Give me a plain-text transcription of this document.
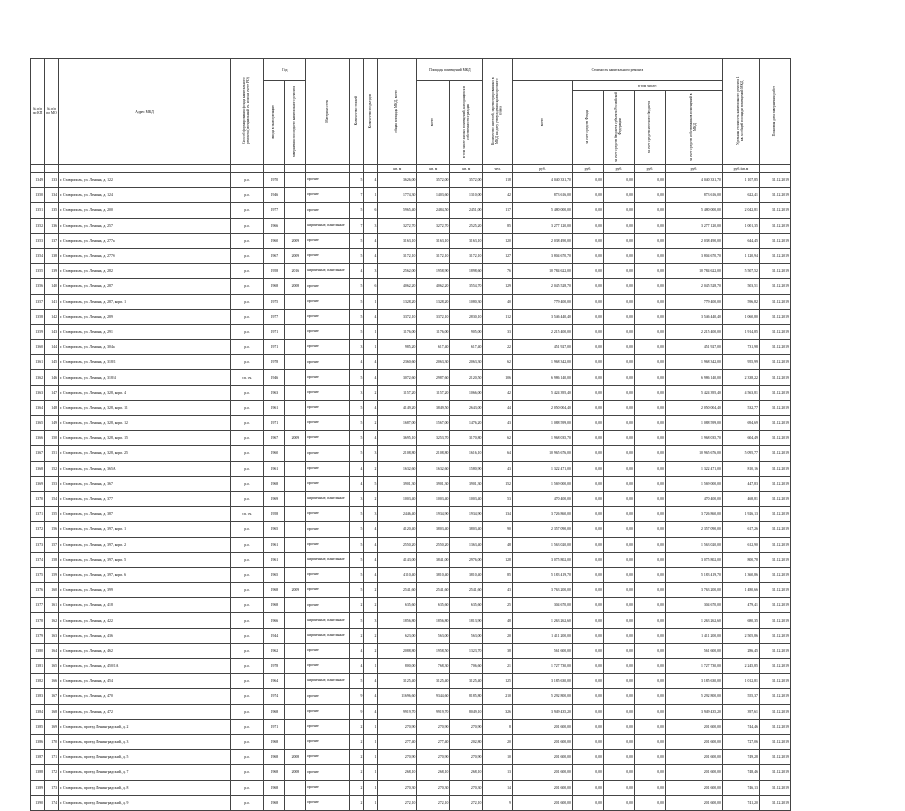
№ п/п по КП	№ п/п по МО	Адрес МКД	Способ формирования фонда капитального ремонта (специальный сч. или на счете РО)	Год		Материал стен	Количество этажей	Количество подъездов	общая площадь МКД, всего	Площадь помещений МКД		Количество жителей, зарегистрированных в МКД на дату утверждения краткосрочного плана	Стоимость капитального ремонта					Удельная стоимость капитального ремонта 1 кв. м общей площади помещений МКД	Плановая дата завершения работ
				ввода в эксплуатацию	завершения последнего капитального ремонта					всего	в том числе жилых помещений, находящихся в собственности граждан		всего	в том числе:					
														за счет средств Фонда	за счет средств бюджета субъекта Российской Федерации	за счет средств местного бюджета	за счет средств собственников помещений в МКД		
									кв. м	кв. м	кв. м	чел.	руб.	руб.	руб.	руб.	руб.	руб./кв.м	
1349	133	г. Ставрополь, ул. Ленина, д. 122	р.о.	1970		прочие	5	4	3626,00	3572,00	3572,00	118	4 040 331,70	0,00	0,00	0,00	4 040 331,70	1 107,85	31.12.2019
1350	134	г. Ставрополь, ул. Ленина, д. 124	р.о.	1946		прочие	7	1	1774,30	1403,60	1310,00	42	873 616,00	0,00	0,00	0,00	873 616,00	622,41	31.12.2019
1351	135	г. Ставрополь, ул. Ленина, д. 200	р.о.	1977		прочие	5	6	5965,40	2484,50	2451,00	117	5 480 000,00	0,00	0,00	0,00	5 480 000,00	2 042,81	31.12.2019
1352	136	г. Ставрополь, ул. Ленина, д. 257	р.о.	1966		кирпичные, панельные	7	3	3272,70	3272,70	2525,20	85	3 277 120,00	0,00	0,00	0,00	3 277 120,00	1 001,35	31.12.2019
1353	137	г. Ставрополь, ул. Ленина, д. 277а	р.о.	1960	2009	прочие	5	4	3163,10	3163,10	3163,10	120	2 038 490,00	0,00	0,00	0,00	2 038 490,00	644,45	31.12.2019
1354	138	г. Ставрополь, ул. Ленина, д. 277б	р.о.	1967	2009	прочие	5	4	3172,10	3172,10	3172,10	127	3 804 670,70	0,00	0,00	0,00	3 804 670,70	1 120,94	31.12.2019
1355	139	г. Ставрополь, ул. Ленина, д. 282	р.о.	1958	2016	кирпичные, панельные	4	3	2562,00	1958,90	1898,60	76	10 784 622,00	0,00	0,00	0,00	10 784 622,00	5 507,52	31.12.2019
1356	140	г. Ставрополь, ул. Ленина, д. 287	р.о.	1968	2008	прочие	5	6	4062,20	4062,20	3554,70	129	2 045 528,70	0,00	0,00	0,00	2 045 528,70	503,51	31.12.2019
1357	141	г. Ставрополь, ул. Ленина, д. 287, корп. 1	р.о.	1975		прочие	5	1	1328,20	1328,20	1080,30	40	779 400,00	0,00	0,00	0,00	779 400,00	596,82	31.12.2019
1358	142	г. Ставрополь, ул. Ленина, д. 289	р.о.	1977		прочие	5	4	3372,10	3372,10	2830,10	112	3 546 440,40	0,00	0,00	0,00	3 546 440,40	1 060,80	31.12.2019
1359	143	г. Ставрополь, ул. Ленина, д. 291	р.о.	1971		прочие	5	1	1176,00	1176,00	905,00	33	2 215 400,00	0,00	0,00	0,00	2 215 400,00	1 914,85	31.12.2019
1360	144	г. Ставрополь, ул. Ленина, д. 304а	р.о.	1971		прочие	3	1	985,20	617,40	617,40	22	451 927,00	0,00	0,00	0,00	451 927,00	731,98	31.12.2019
1361	145	г. Ставрополь, ул. Ленина, д. 318/1	р.о.	1978		прочие	4	4	2360,60	2063,30	2063,30	62	1 968 342,00	0,00	0,00	0,00	1 968 342,00	955,99	31.12.2019
1362	146	г. Ставрополь, ул. Ленина, д. 318/4	сп. сч.	1946		прочие	5	4	3072,60	2987,60	2120,50	106	6 986 140,00	0,00	0,00	0,00	6 986 140,00	2 338,22	31.12.2019
1363	147	г. Ставрополь, ул. Ленина, д. 328, корп. 4	р.о.	1963		прочие	3	2	1157,20	1157,20	1066,00	42	5 424 395,40	0,00	0,00	0,00	5 424 395,40	4 563,81	31.12.2019
1364	148	г. Ставрополь, ул. Ленина, д. 328, корп. 11	р.о.	1961		прочие	5	4	4149,20	3849,50	2643,00	44	2 050 004,40	0,00	0,00	0,00	2 050 004,40	532,77	31.12.2019
1365	149	г. Ставрополь, ул. Ленина, д. 328, корп. 12	р.о.	1971		прочие	5	2	1687,00	1567,00	1476,20	43	1 088 599,00	0,00	0,00	0,00	1 088 599,00	694,69	31.12.2019
1366	150	г. Ставрополь, ул. Ленина, д. 328, корп. 15	р.о.	1967	2009	прочие	5	4	3695,10	3253,70	3170,80	62	1 968 035,70	0,00	0,00	0,00	1 968 035,70	604,49	31.12.2019
1367	151	г. Ставрополь, ул. Ленина, д. 328, корп. 25	р.о.	1960		прочие	5	3	2108,80	2108,80	1616,10	64	10 965 676,00	0,00	0,00	0,00	10 965 676,00	5 095,77	31.12.2019
1368	152	г. Ставрополь, ул. Ленина, д. 365А	р.о.	1961		прочие	4	2	1632,60	1632,60	1580,90	43	1 322 471,00	0,00	0,00	0,00	1 322 471,00	810,16	31.12.2019
1369	153	г. Ставрополь, ул. Ленина, д. 367	р.о.	1968		прочие	4	5	3901,30	3901,30	3901,30	152	1 569 000,00	0,00	0,00	0,00	1 569 000,00	447,83	31.12.2019
1370	154	г. Ставрополь, ул. Ленина, д. 377	р.о.	1969		кирпичные, панельные	3	2	1003,40	1003,40	1003,40	53	470 400,00	0,00	0,00	0,00	470 400,00	468,81	31.12.2019
1371	155	г. Ставрополь, ул. Ленина, д. 387	сп. сч.	1958		прочие	5	3	2446,40	1934,90	1934,90	134	3 726 860,00	0,00	0,00	0,00	3 726 860,00	1 926,13	31.12.2019
1372	156	г. Ставрополь, ул. Ленина, д. 397, корп. 1	р.о.	1965		прочие	5	4	4120,40	3803,40	3803,40	90	2 357 090,00	0,00	0,00	0,00	2 357 090,00	617,26	31.12.2019
1373	157	г. Ставрополь, ул. Ленина, д. 397, корп. 2	р.о.	1961		прочие	5	4	2550,20	2550,20	1363,40	48	1 563 020,00	0,00	0,00	0,00	1 563 020,00	612,90	31.12.2019
1374	158	г. Ставрополь, ул. Ленина, д. 397, корп. 5	р.о.	1961		кирпичные, панельные	5	4	4143,00	3841,00	2976,00	128	3 075 802,00	0,00	0,00	0,00	3 075 802,00	800,78	31.12.2019
1375	159	г. Ставрополь, ул. Ленина, д. 397, корп. 6	р.о.	1965		прочие	5	4	4110,40	3810,40	3810,40	85	5 183 419,70	0,00	0,00	0,00	5 183 419,70	1 360,86	31.12.2019
1376	160	г. Ставрополь, ул. Ленина, д. 399	р.о.	1968	2009	прочие	5	2	2541,60	2541,60	2541,60	43	3 763 200,00	0,00	0,00	0,00	3 763 200,00	1 480,66	31.12.2019
1377	161	г. Ставрополь, ул. Ленина, д. 418	р.о.	1968		прочие	2	2	635,60	635,60	635,60	25	304 670,00	0,00	0,00	0,00	304 670,00	479,41	31.12.2019
1378	162	г. Ставрополь, ул. Ленина, д. 422	р.о.	1966		кирпичные, панельные	5	3	1856,80	1856,80	1813,90	48	1 263 262,60	0,00	0,00	0,00	1 263 262,60	680,35	31.12.2019
1379	163	г. Ставрополь, ул. Ленина, д. 436	р.о.	1944		кирпичные, панельные	2	2	623,00	563,00	563,00	20	1 411 200,00	0,00	0,00	0,00	1 411 200,00	2 505,86	31.12.2019
1380	164	г. Ставрополь, ул. Ленина, д. 462	р.о.	1962		прочие	4	2	2088,80	1958,50	1323,70	38	561 600,00	0,00	0,00	0,00	561 600,00	286,45	31.12.2019
1381	165	г. Ставрополь, ул. Ленина, д. 450/1А	р.о.	1978		прочие	4	1	800,00	768,30	706,60	21	1 727 730,00	0,00	0,00	0,00	1 727 730,00	2 245,85	31.12.2019
1382	166	г. Ставрополь, ул. Ленина, д. 454	р.о.	1964		кирпичные, панельные	5	4	3125,40	3125,40	3125,40	125	3 185 630,00	0,00	0,00	0,00	3 185 630,00	1 012,81	31.12.2019
1383	167	г. Ставрополь, ул. Ленина, д. 470	р.о.	1974		прочие	9	4	11696,60	9344,60	8185,80	210	5 292 800,00	0,00	0,00	0,00	5 292 800,00	555,37	31.12.2019
1384	168	г. Ставрополь, ул. Ленина, д. 472	р.о.	1968		прочие	9	4	9919,70	9919,70	8049,10	326	3 949 435,20	0,00	0,00	0,00	3 949 435,20	397,61	31.12.2019
1385	169	г. Ставрополь, проезд Ленинградский, д. 2	р.о.	1971		прочие	2	1	270,90	270,90	270,90	8	201 600,00	0,00	0,00	0,00	201 600,00	744,46	31.12.2019
1386	170	г. Ставрополь, проезд Ленинградский, д. 3	р.о.	1968		прочие	2	1	277,40	277,40	202,80	20	201 600,00	0,00	0,00	0,00	201 600,00	727,06	31.12.2019
1387	171	г. Ставрополь, проезд Ленинградский, д. 5	р.о.	1968	2008	прочие	2	1	270,90	270,90	270,90	10	201 600,00	0,00	0,00	0,00	201 600,00	749,28	31.12.2019
1388	172	г. Ставрополь, проезд Ленинградский, д. 7	р.о.	1968	2008	прочие	2	1	268,10	268,10	268,10	13	201 600,00	0,00	0,00	0,00	201 600,00	748,46	31.12.2019
1389	173	г. Ставрополь, проезд Ленинградский, д. 8	р.о.	1968		прочие	2	1	270,30	270,30	270,30	14	201 600,00	0,00	0,00	0,00	201 600,00	746,13	31.12.2019
1390	174	г. Ставрополь, проезд Ленинградский, д. 9	р.о.	1968		прочие	2	1	272,10	272,10	272,10	9	201 600,00	0,00	0,00	0,00	201 600,00	741,20	31.12.2019
